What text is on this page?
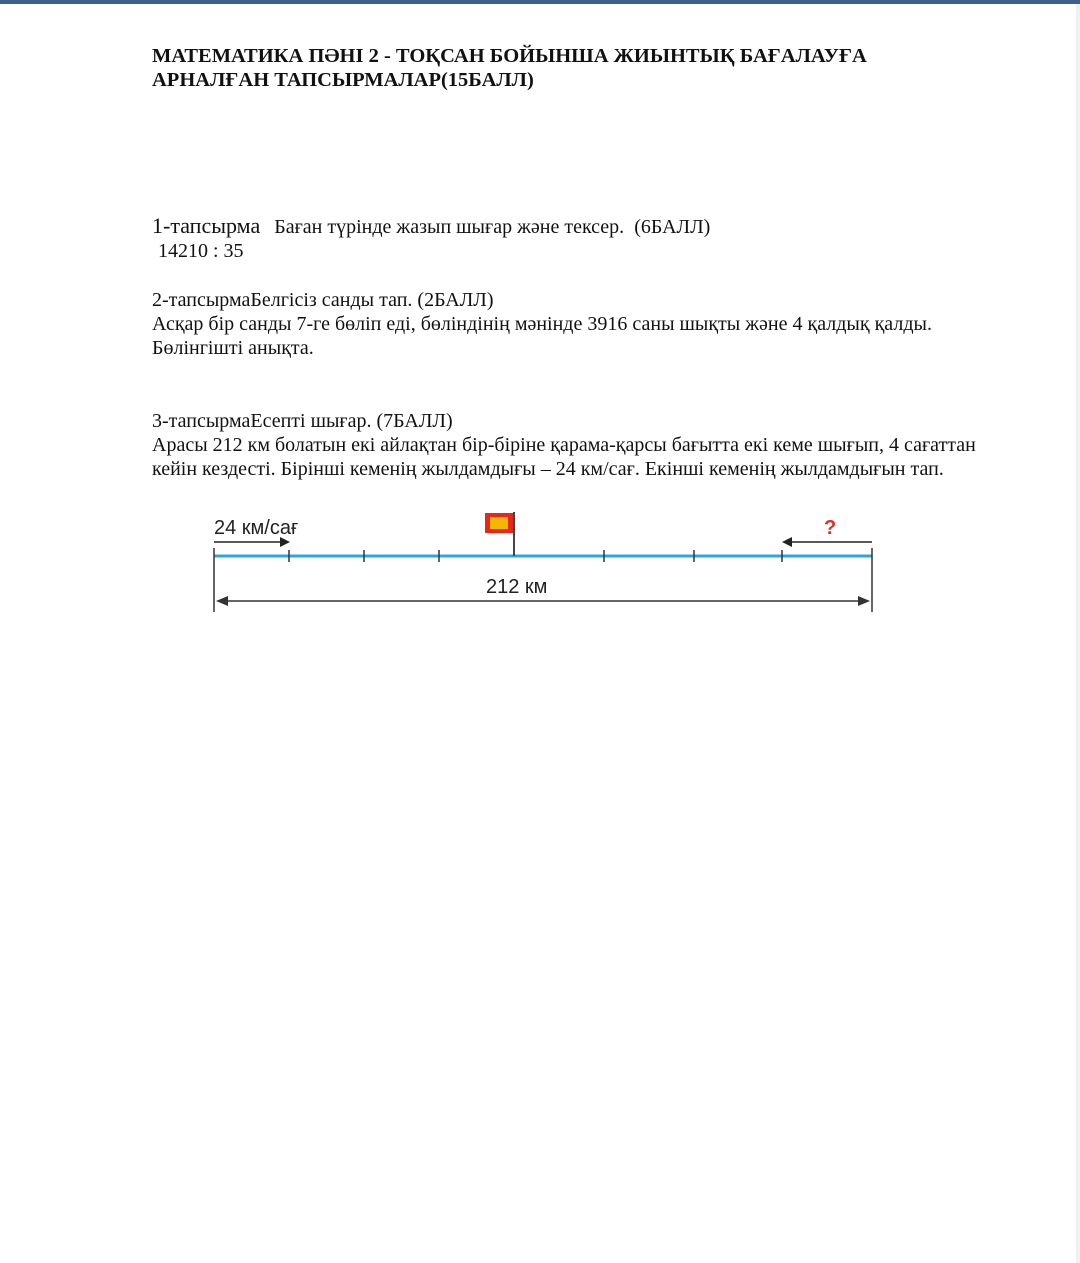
МАТЕМАТИКА ПӘНІ 2 - ТОҚСАН БОЙЫНША ЖИЫНТЫҚ БАҒАЛАУҒА
АРНАЛҒАН ТАПСЫРМАЛАР(15БАЛЛ)

1-тапсырма Баған түрінде жазып шығар және тексер. (6БАЛЛ)

14210 : 35

2-тапсырмаБелгісіз санды тап. (2БАЛЛ)

Асқар бір санды 7-ге бөліп еді, бөліндінің мәнінде 3916 саны шықты және 4 қалдық қалды. Бөлінгішті анықта.

3-тапсырмаЕсепті шығар. (7БАЛЛ)

Арасы 212 км болатын екі айлақтан бір-біріне қарама-қарсы бағытта екі кеме шығып, 4 сағаттан кейін кездесті. Бірінші кеменің жылдамдығы – 24 км/сағ. Екінші кеменің жылдамдығын тап.

24 км/сағ	?
212 км
